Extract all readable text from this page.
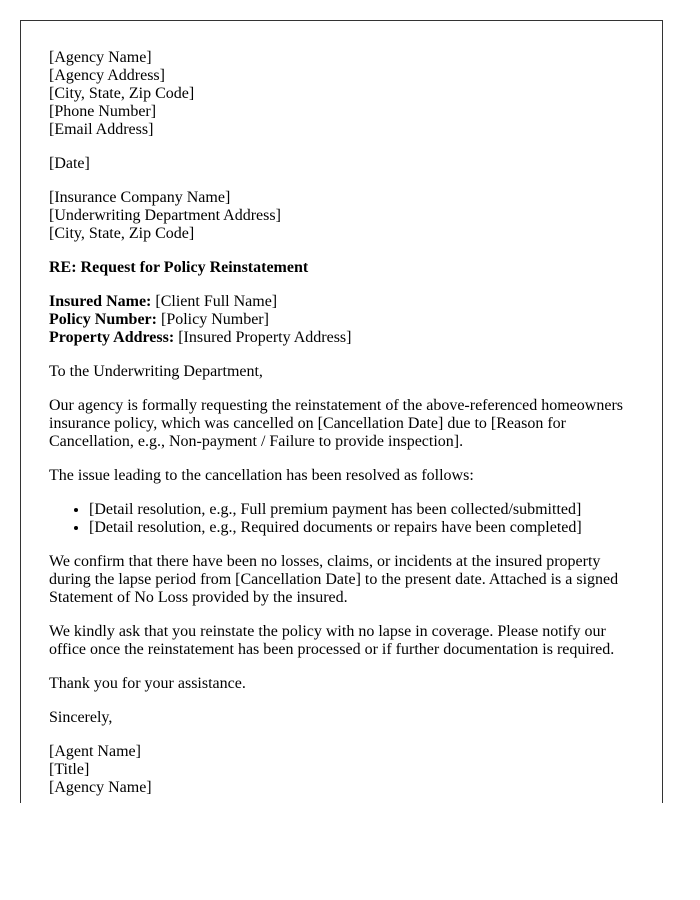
[Agency Name]
[Agency Address]
[City, State, Zip Code]
[Phone Number]
[Email Address]

[Date]

[Insurance Company Name]
[Underwriting Department Address]
[City, State, Zip Code]

RE: Request for Policy Reinstatement

Insured Name: [Client Full Name]
Policy Number: [Policy Number]
Property Address: [Insured Property Address]

To the Underwriting Department,

Our agency is formally requesting the reinstatement of the above-referenced homeowners insurance policy, which was cancelled on [Cancellation Date] due to [Reason for Cancellation, e.g., Non-payment / Failure to provide inspection].

The issue leading to the cancellation has been resolved as follows:

• [Detail resolution, e.g., Full premium payment has been collected/submitted]
• [Detail resolution, e.g., Required documents or repairs have been completed]

We confirm that there have been no losses, claims, or incidents at the insured property during the lapse period from [Cancellation Date] to the present date. Attached is a signed Statement of No Loss provided by the insured.

We kindly ask that you reinstate the policy with no lapse in coverage. Please notify our office once the reinstatement has been processed or if further documentation is required.

Thank you for your assistance.

Sincerely,

[Agent Name]
[Title]
[Agency Name]
